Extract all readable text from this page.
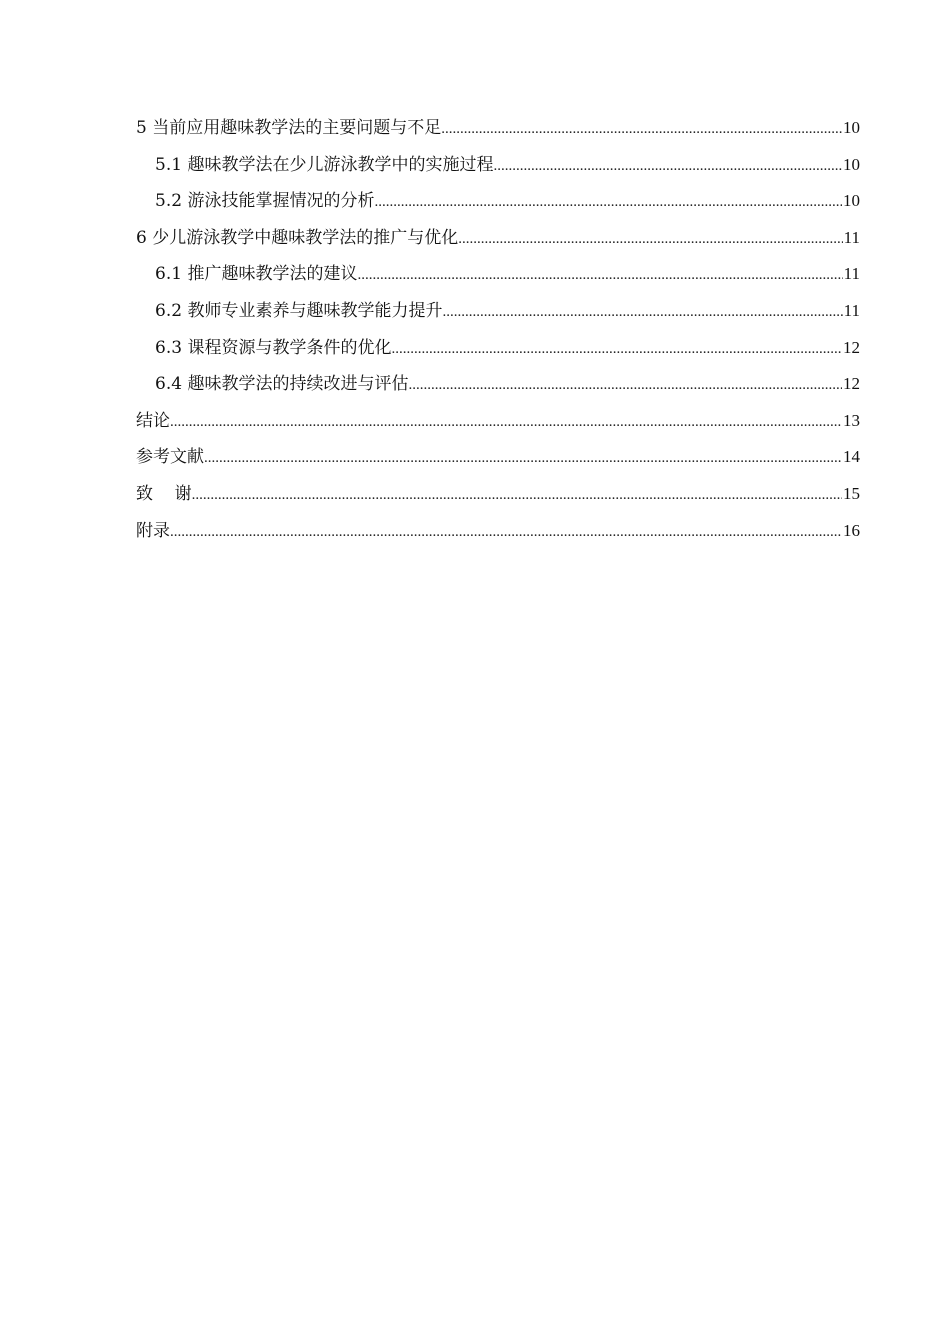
5 当前应用趣味教学法的主要问题与不足 .....	10
5.1 趣味教学法在少儿游泳教学中的实施过程 .....	10
5.2 游泳技能掌握情况的分析 .....	10
6 少儿游泳教学中趣味教学法的推广与优化 .....	11
6.1 推广趣味教学法的建议 .....	11
6.2 教师专业素养与趣味教学能力提升 .....	11
6.3 课程资源与教学条件的优化 .....	12
6.4 趣味教学法的持续改进与评估 .....	12
结论 .....	13
参考文献 .....	14
致    谢 .....	15
附录 .....	16
